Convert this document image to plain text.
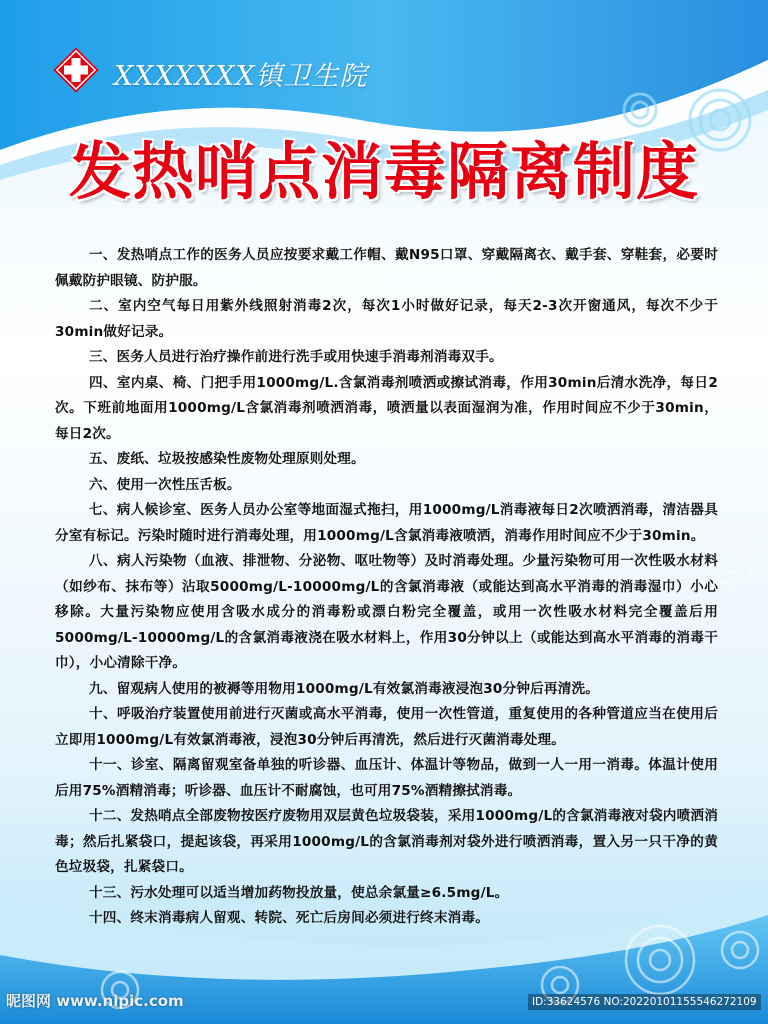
XXXXXXX镇卫生院
发热哨点消毒隔离制度

一、发热哨点工作的医务人员应按要求戴工作帽、戴N95口罩、穿戴隔离衣、戴手套、穿鞋套，必要时佩戴防护眼镜、防护服。

二、室内空气每日用紫外线照射消毒2次，每次1小时做好记录，每天2-3次开窗通风，每次不少于30min做好记录。

三、医务人员进行治疗操作前进行洗手或用快速手消毒剂消毒双手。

四、室内桌、椅、门把手用1000mg/L.含氯消毒剂喷洒或擦试消毒，作用30min后清水洗净，每日2次。下班前地面用1000mg/L含氯消毒剂喷洒消毒，喷洒量以表面湿润为准，作用时间应不少于30min，每日2次。

五、废纸、垃圾按感染性废物处理原则处理。

六、使用一次性压舌板。

七、病人候诊室、医务人员办公室等地面湿式拖扫，用1000mg/L消毒液每日2次喷洒消毒，清洁器具分室有标记。污染时随时进行消毒处理，用1000mg/L含氯消毒液喷洒，消毒作用时间应不少于30min。

八、病人污染物（血液、排泄物、分泌物、呕吐物等）及时消毒处理。少量污染物可用一次性吸水材料（如纱布、抹布等）沾取5000mg/L-10000mg/L的含氯消毒液（或能达到高水平消毒的消毒湿巾）小心移除。大量污染物应使用含吸水成分的消毒粉或漂白粉完全覆盖，或用一次性吸水材料完全覆盖后用5000mg/L-10000mg/L的含氯消毒液浇在吸水材料上，作用30分钟以上（或能达到高水平消毒的消毒干巾），小心清除干净。

九、留观病人使用的被褥等用物用1000mg/L有效氯消毒液浸泡30分钟后再清洗。

十、呼吸治疗装置使用前进行灭菌或高水平消毒，使用一次性管道，重复使用的各种管道应当在使用后立即用1000mg/L有效氯消毒液，浸泡30分钟后再清洗，然后进行灭菌消毒处理。

十一、诊室、隔离留观室备单独的听诊器、血压计、体温计等物品，做到一人一用一消毒。体温计使用后用75%酒精消毒；听诊器、血压计不耐腐蚀，也可用75%酒精擦拭消毒。

十二、发热哨点全部废物按医疗废物用双层黄色垃圾袋装，采用1000mg/L的含氯消毒液对袋内喷洒消毒；然后扎紧袋口，提起该袋，再采用1000mg/L的含氯消毒剂对袋外进行喷洒消毒，置入另一只干净的黄色垃圾袋，扎紧袋口。

十三、污水处理可以适当增加药物投放量，使总余氯量≥6.5mg/L。

十四、终末消毒病人留观、转院、死亡后房间必须进行终末消毒。

昵图网 www.nipic.com	ID:33624576 NO:20220101155546272109
